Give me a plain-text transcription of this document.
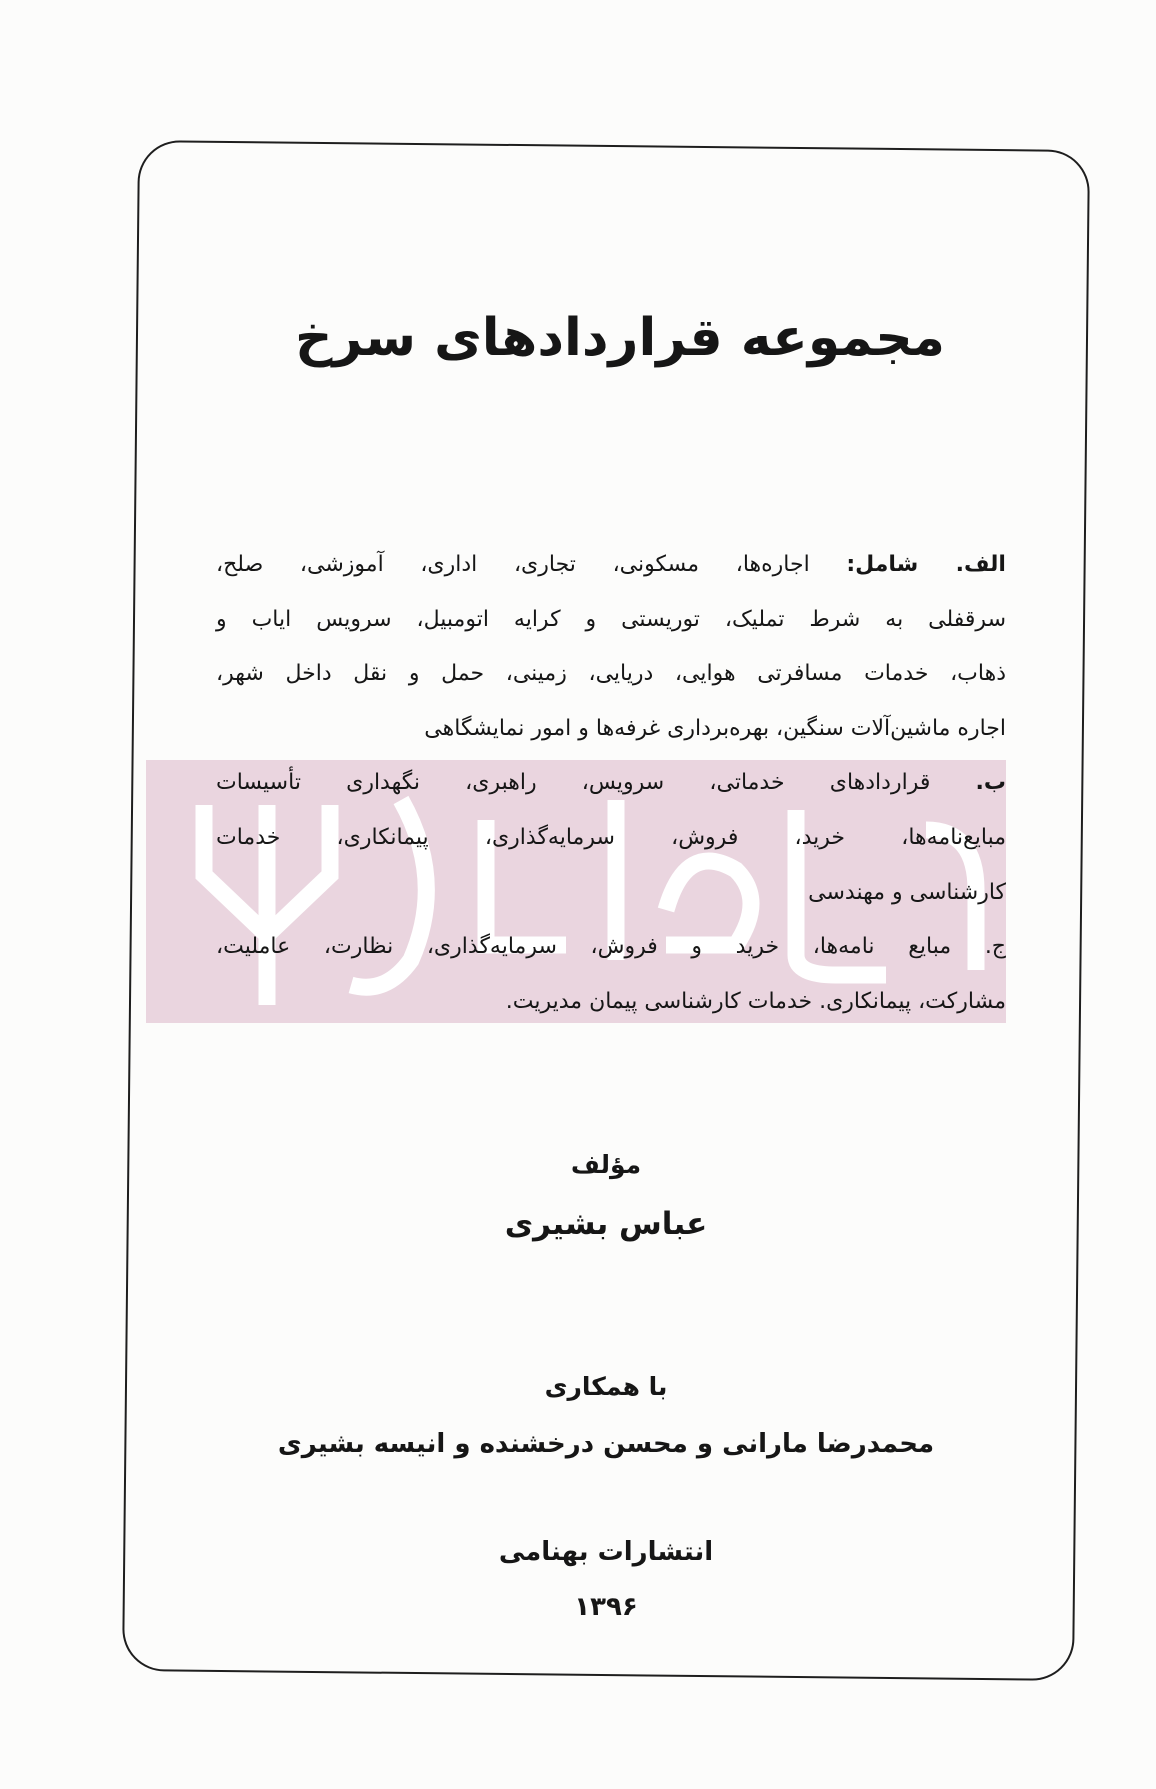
مجموعه قراردادهای سرخ
الف. شامل: اجاره‌ها، مسکونی، تجاری، اداری، آموزشی، صلح،
سرقفلی به شرط تملیک، توریستی و کرایه اتومبیل، سرویس ایاب و
ذهاب، خدمات مسافرتی هوایی، دریایی، زمینی، حمل و نقل داخل شهر،
اجاره ماشین‌آلات سنگین، بهره‌برداری غرفه‌ها و امور نمایشگاهی
ب. قراردادهای خدماتی، سرویس، راهبری، نگهداری تأسیسات
مبایع‌نامه‌ها، خرید، فروش، سرمایه‌گذاری، پیمانکاری، خدمات
کارشناسی و مهندسی
ج. مبایع نامه‌ها، خرید و فروش، سرمایه‌گذاری، نظارت، عاملیت،
مشارکت، پیمانکاری. خدمات کارشناسی پیمان مدیریت.
مؤلف
عباس بشیری
با همکاری
محمدرضا مارانی و محسن درخشنده و انیسه بشیری
انتشارات بهنامی
۱۳۹۶
